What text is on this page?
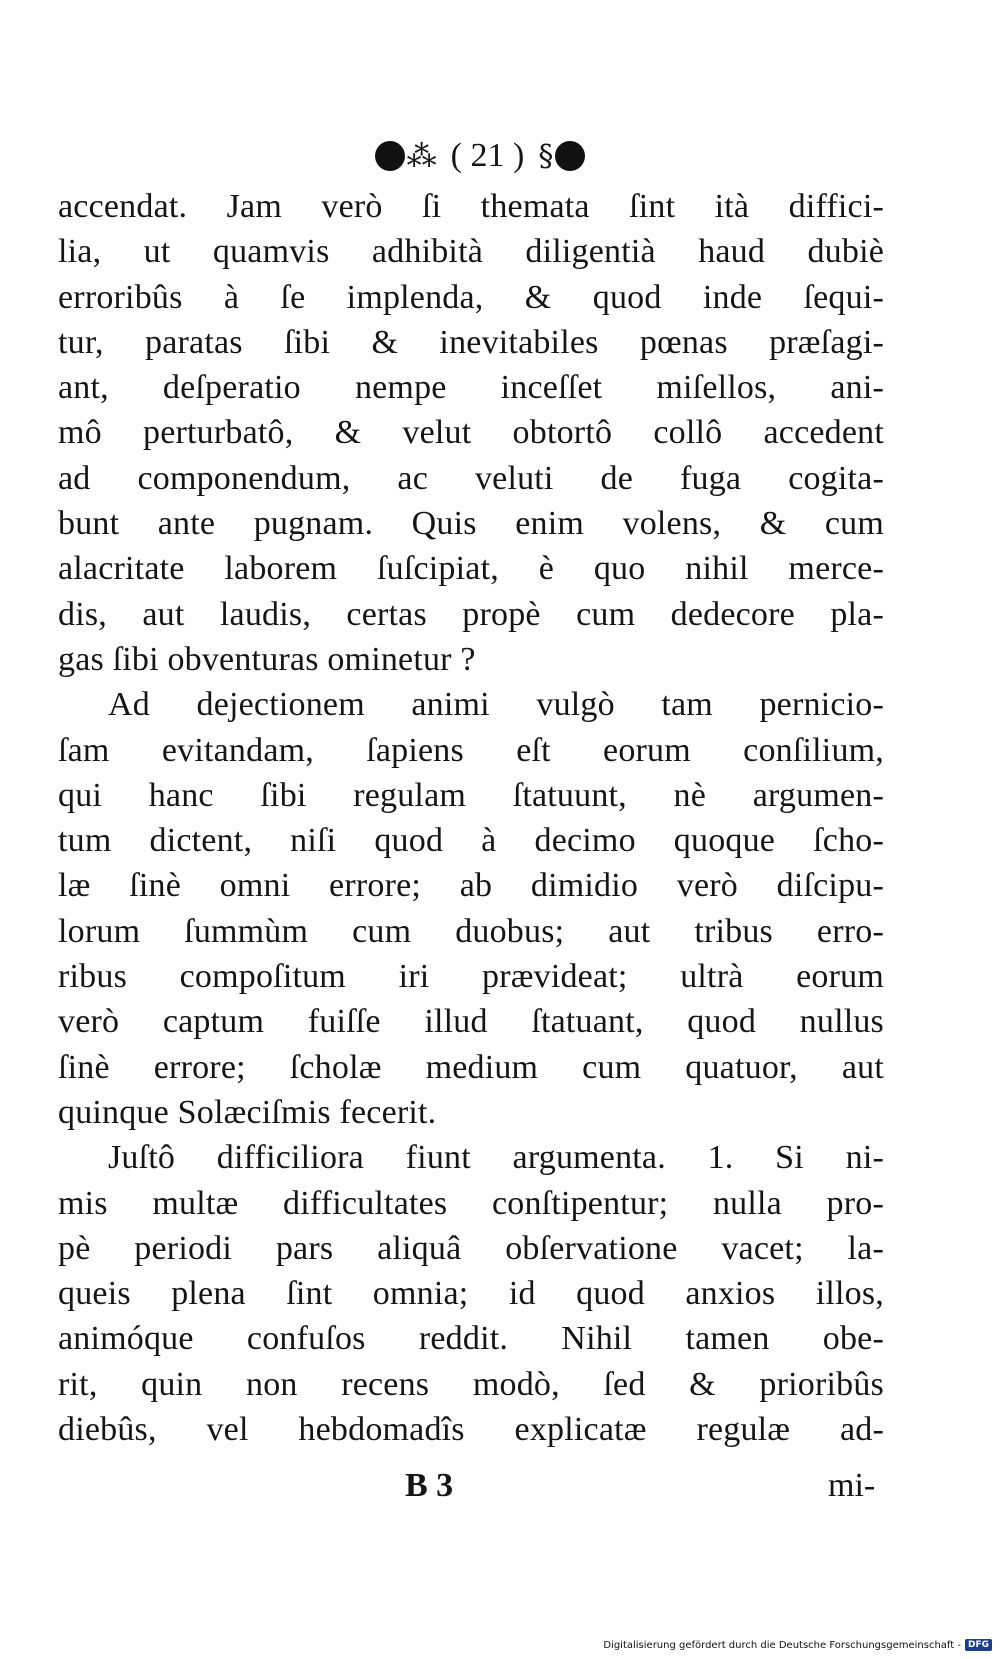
⁂ ( 21 ) §
accendat. Jam verò ſi themata ſint ità diffici-
lia, ut quamvis adhibità diligentià haud dubiè
erroribûs à ſe implenda, & quod inde ſequi-
tur, paratas ſibi & inevitabiles pœnas præſagi-
ant, deſperatio nempe inceſſet miſellos, ani-
mô perturbatô, & velut obtortô collô accedent
ad componendum, ac veluti de fuga cogita-
bunt ante pugnam. Quis enim volens, & cum
alacritate laborem ſuſcipiat, è quo nihil merce-
dis, aut laudis, certas propè cum dedecore pla-
gas ſibi obventuras ominetur ?
Ad dejectionem animi vulgò tam pernicio-
ſam evitandam, ſapiens eſt eorum conſilium,
qui hanc ſibi regulam ſtatuunt, nè argumen-
tum dictent, niſi quod à decimo quoque ſcho-
læ ſinè omni errore; ab dimidio verò diſcipu-
lorum ſummùm cum duobus; aut tribus erro-
ribus compoſitum iri prævideat; ultrà eorum
verò captum fuiſſe illud ſtatuant, quod nullus
ſinè errore; ſcholæ medium cum quatuor, aut
quinque Solæciſmis fecerit.
Juſtô difficiliora fiunt argumenta. 1. Si ni-
mis multæ difficultates conſtipentur; nulla pro-
pè periodi pars aliquâ obſervatione vacet; la-
queis plena ſint omnia; id quod anxios illos,
animóque confuſos reddit. Nihil tamen obe-
rit, quin non recens modò, ſed & prioribûs
diebûs, vel hebdomadîs explicatæ regulæ ad-
B 3	mi-
Digitalisierung gefördert durch die Deutsche Forschungsgemeinschaft - DFG
